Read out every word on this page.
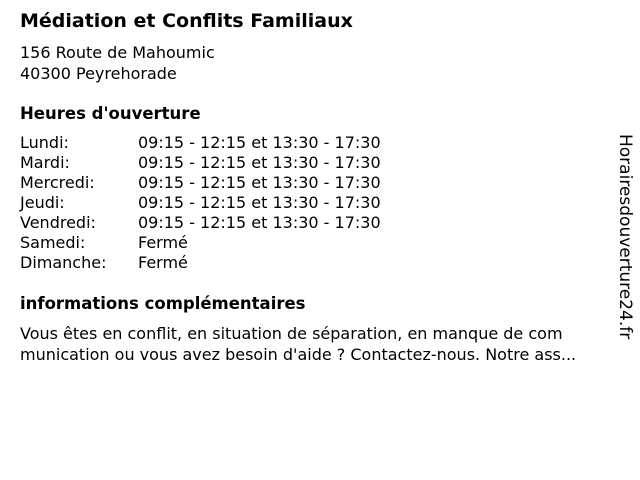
Médiation et Conflits Familiaux
156 Route de Mahoumic
40300 Peyrehorade
Heures d'ouverture
Lundi:	09:15 - 12:15 et 13:30 - 17:30
Mardi:	09:15 - 12:15 et 13:30 - 17:30
Mercredi:	09:15 - 12:15 et 13:30 - 17:30
Jeudi:	09:15 - 12:15 et 13:30 - 17:30
Vendredi:	09:15 - 12:15 et 13:30 - 17:30
Samedi:	Fermé
Dimanche: Fermé
informations complémentaires
Vous êtes en conflit, en situation de séparation, en manque de com
munication ou vous avez besoin d'aide ? Contactez-nous. Notre ass...
Horairesdouverture24.fr
